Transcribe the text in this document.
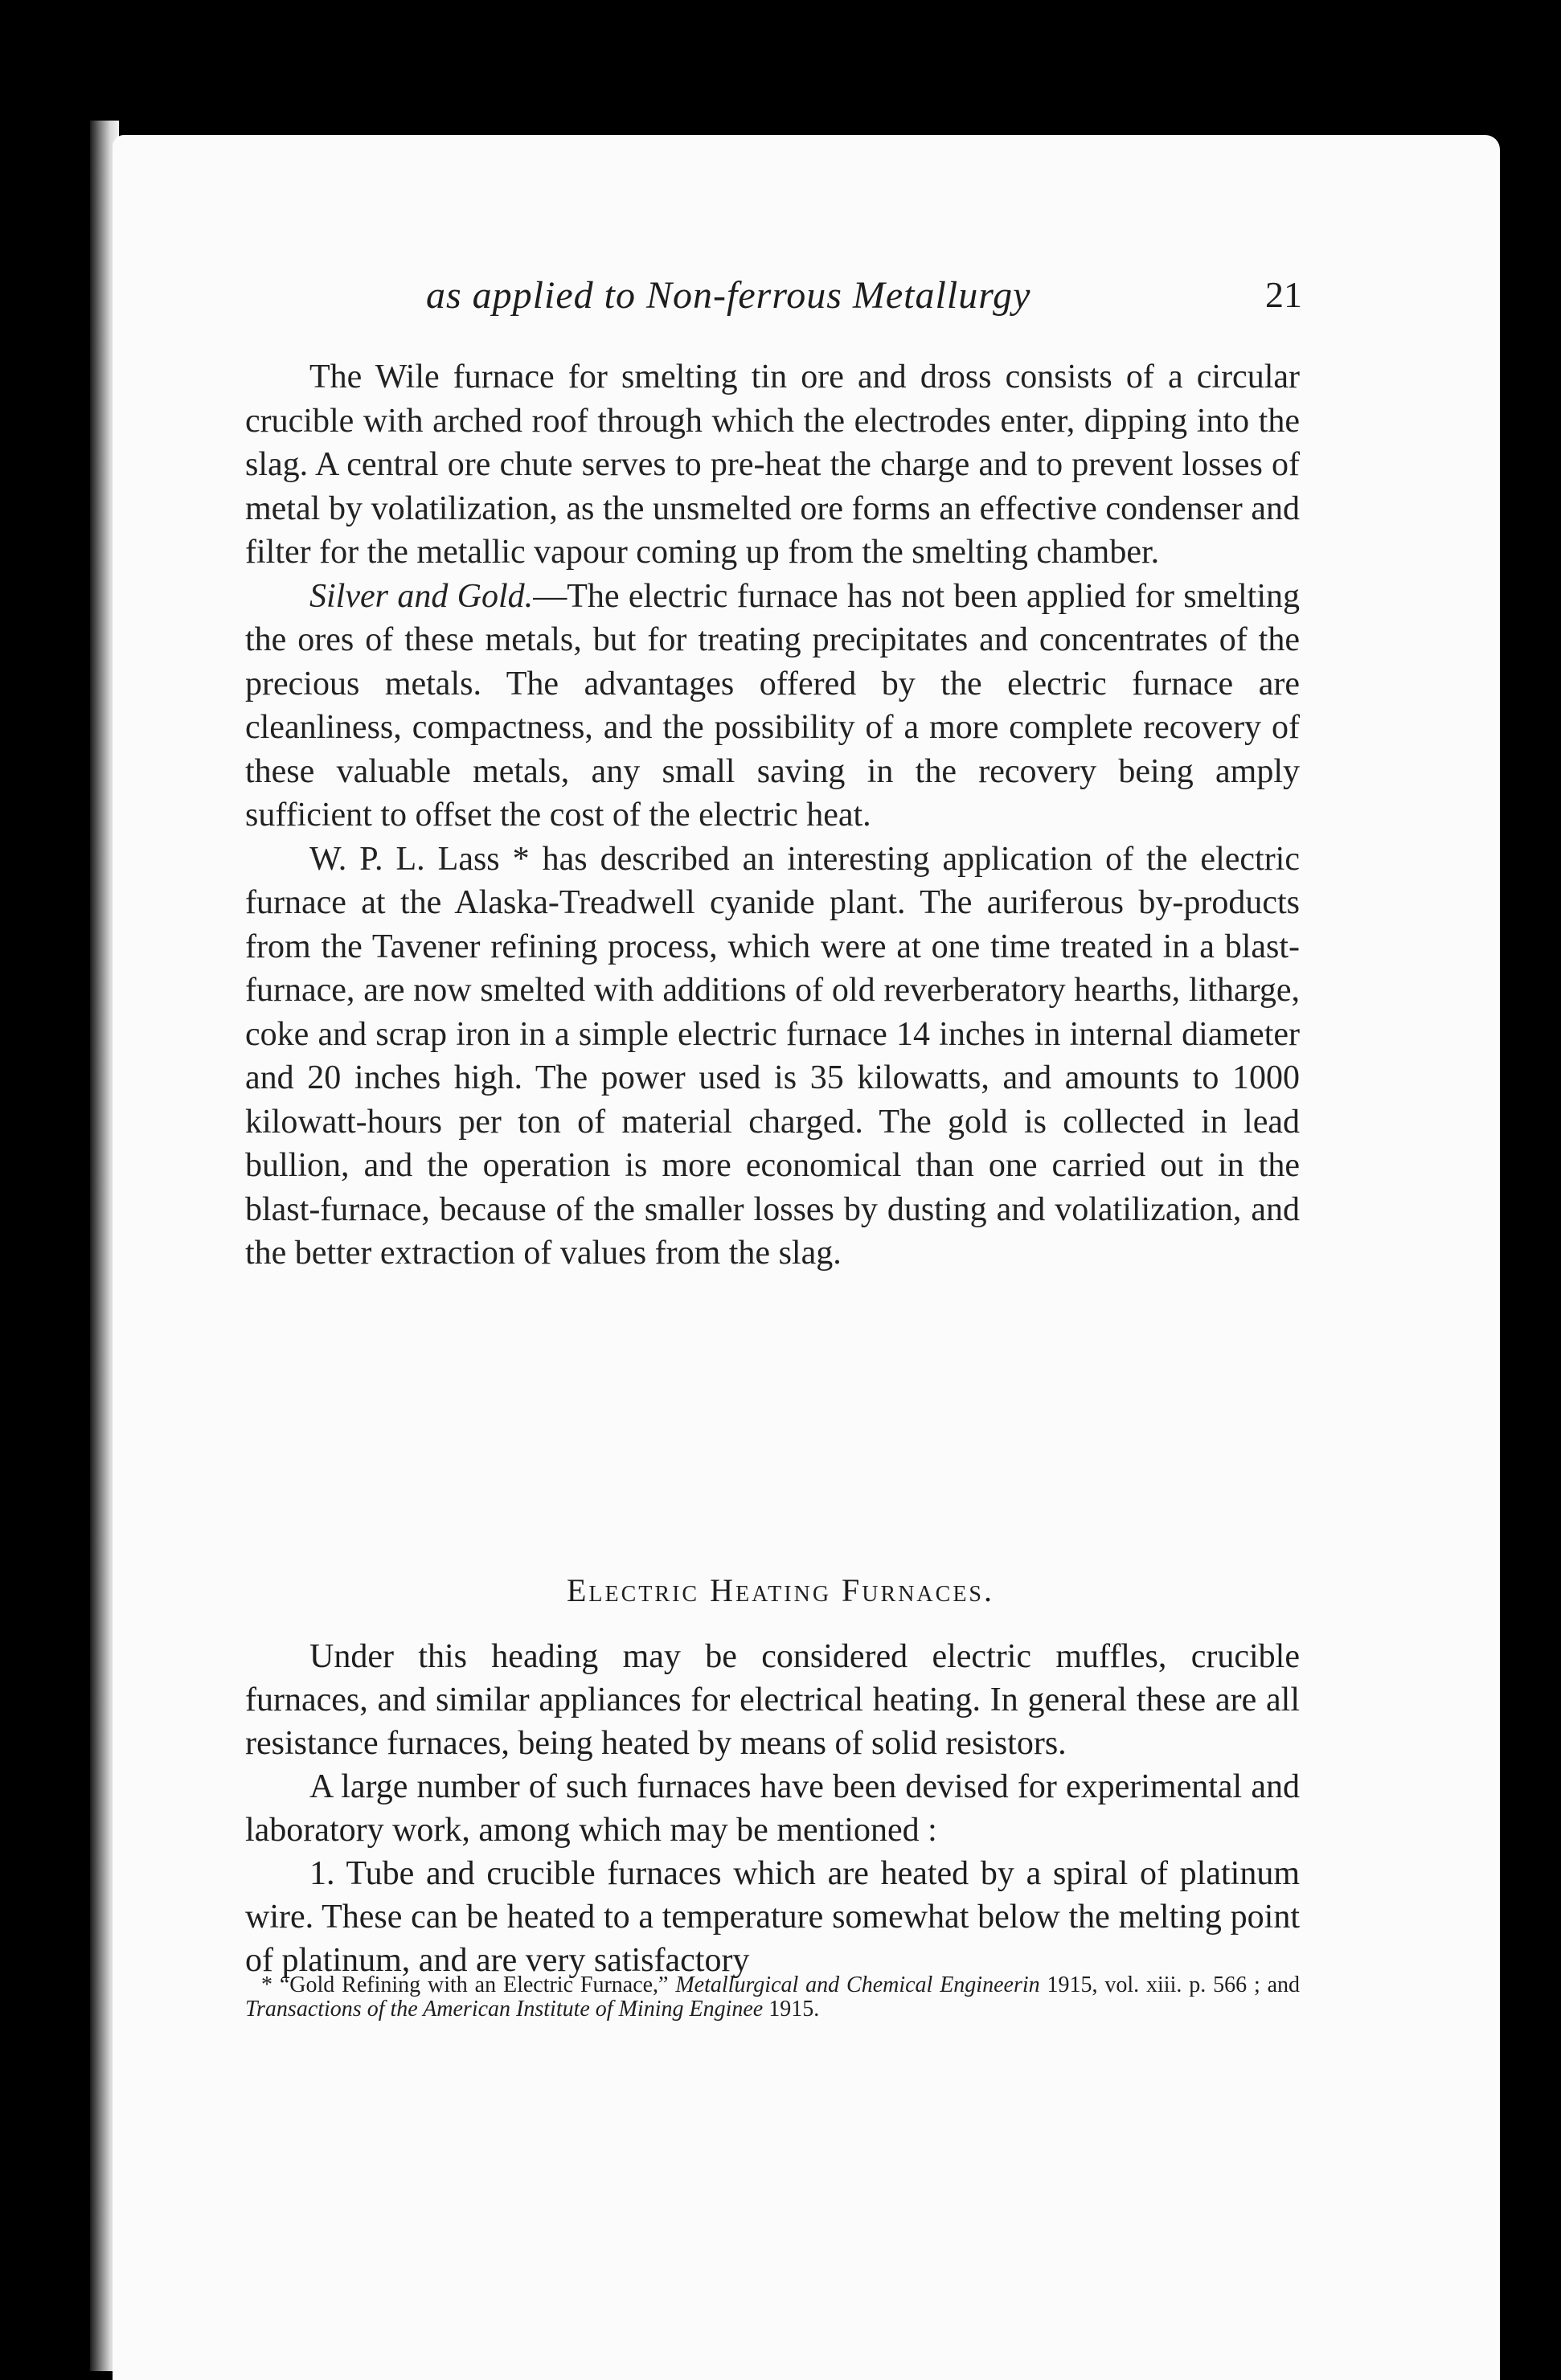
as applied to Non-ferrous Metallurgy	21

The Wile furnace for smelting tin ore and dross consists of a circular crucible with arched roof through which the electrodes enter, dipping into the slag. A central ore chute serves to pre-heat the charge and to prevent losses of metal by volatilization, as the unsmelted ore forms an effective condenser and filter for the metallic vapour coming up from the smelting chamber.

Silver and Gold.—The electric furnace has not been applied for smelting the ores of these metals, but for treating precipitates and concentrates of the precious metals. The advantages offered by the electric furnace are cleanliness, compactness, and the possibility of a more complete recovery of these valuable metals, any small saving in the recovery being amply sufficient to offset the cost of the electric heat.

W. P. L. Lass * has described an interesting application of the electric furnace at the Alaska-Treadwell cyanide plant. The auriferous by-products from the Tavener refining process, which were at one time treated in a blast-furnace, are now smelted with additions of old reverberatory hearths, litharge, coke and scrap iron in a simple electric furnace 14 inches in internal diameter and 20 inches high. The power used is 35 kilowatts, and amounts to 1000 kilowatt-hours per ton of material charged. The gold is collected in lead bullion, and the operation is more economical than one carried out in the blast-furnace, because of the smaller losses by dusting and volatilization, and the better extraction of values from the slag.

Electric Heating Furnaces.

Under this heading may be considered electric muffles, crucible furnaces, and similar appliances for electrical heating. In general these are all resistance furnaces, being heated by means of solid resistors.

A large number of such furnaces have been devised for experimental and laboratory work, among which may be mentioned :

1. Tube and crucible furnaces which are heated by a spiral of platinum wire. These can be heated to a temperature somewhat below the melting point of platinum, and are very satisfactory

* “Gold Refining with an Electric Furnace,” Metallurgical and Chemical Engineerin 1915, vol. xiii. p. 566 ; and Transactions of the American Institute of Mining Enginee 1915.
